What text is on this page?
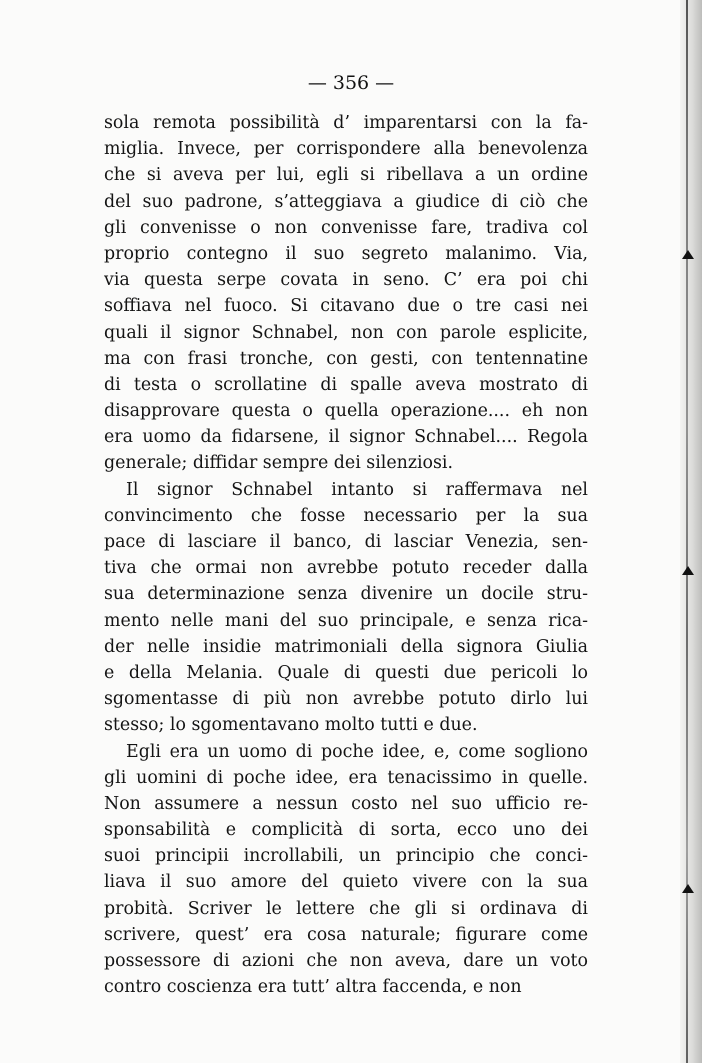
— 356 —

sola remota possibilità d’ imparentarsi con la fa-
miglia. Invece, per corrispondere alla benevolenza
che si aveva per lui, egli si ribellava a un ordine
del suo padrone, s’atteggiava a giudice di ciò che
gli convenisse o non convenisse fare, tradiva col
proprio contegno il suo segreto malanimo. Via,
via questa serpe covata in seno. C’ era poi chi
soffiava nel fuoco. Si citavano due o tre casi nei
quali il signor Schnabel, non con parole esplicite,
ma con frasi tronche, con gesti, con tentennatine
di testa o scrollatine di spalle aveva mostrato di
disapprovare questa o quella operazione.... eh non
era uomo da fidarsene, il signor Schnabel.... Regola
generale; diffidar sempre dei silenziosi.
Il signor Schnabel intanto si raffermava nel
convincimento che fosse necessario per la sua
pace di lasciare il banco, di lasciar Venezia, sen-
tiva che ormai non avrebbe potuto receder dalla
sua determinazione senza divenire un docile stru-
mento nelle mani del suo principale, e senza rica-
der nelle insidie matrimoniali della signora Giulia
e della Melania. Quale di questi due pericoli lo
sgomentasse di più non avrebbe potuto dirlo lui
stesso; lo sgomentavano molto tutti e due.
Egli era un uomo di poche idee, e, come sogliono
gli uomini di poche idee, era tenacissimo in quelle.
Non assumere a nessun costo nel suo ufficio re-
sponsabilità e complicità di sorta, ecco uno dei
suoi principii incrollabili, un principio che conci-
liava il suo amore del quieto vivere con la sua
probità. Scriver le lettere che gli si ordinava di
scrivere, quest’ era cosa naturale; figurare come
possessore di azioni che non aveva, dare un voto
contro coscienza era tutt’ altra faccenda, e non
